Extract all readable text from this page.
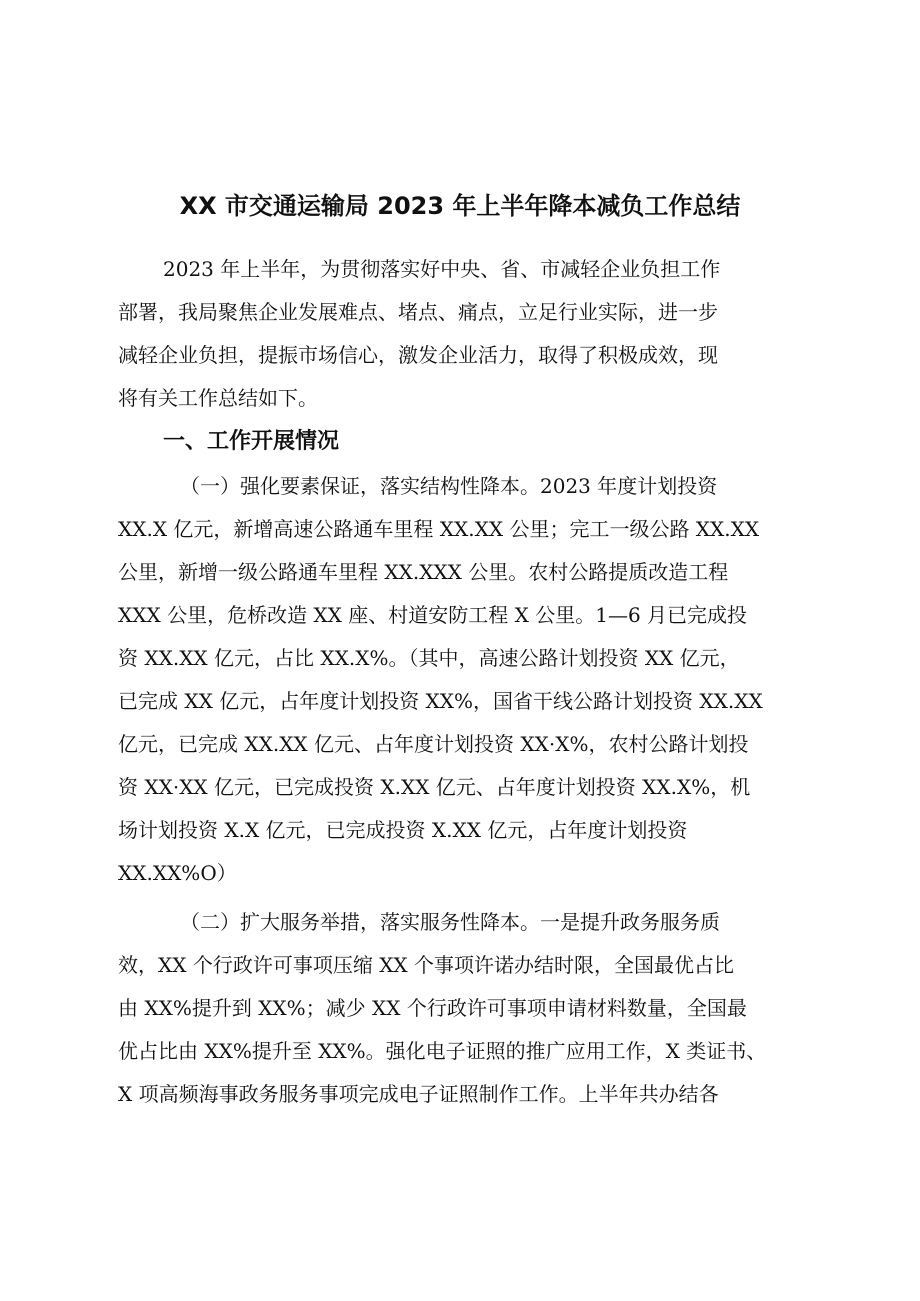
XX 市交通运输局 2023 年上半年降本减负工作总结
2023 年上半年，为贯彻落实好中央、省、市减轻企业负担工作
部署，我局聚焦企业发展难点、堵点、痛点，立足行业实际，进一步
减轻企业负担，提振市场信心，激发企业活力，取得了积极成效，现
将有关工作总结如下。
一、工作开展情况
（一）强化要素保证，落实结构性降本。2023 年度计划投资
XX.X 亿元，新增高速公路通车里程 XX.XX 公里；完工一级公路 XX.XX
公里，新增一级公路通车里程 XX.XXX 公里。农村公路提质改造工程
XXX 公里，危桥改造 XX 座、村道安防工程 X 公里。1—6 月已完成投
资 XX.XX 亿元，占比 XX.X%。（其中，高速公路计划投资 XX 亿元，
已完成 XX 亿元，占年度计划投资 XX%，国省干线公路计划投资 XX.XX
亿元，已完成 XX.XX 亿元、占年度计划投资 XX·X%，农村公路计划投
资 XX·XX 亿元，已完成投资 X.XX 亿元、占年度计划投资 XX.X%，机
场计划投资 X.X 亿元，已完成投资 X.XX 亿元，占年度计划投资
XX.XX%O）
（二）扩大服务举措，落实服务性降本。一是提升政务服务质
效，XX 个行政许可事项压缩 XX 个事项许诺办结时限，全国最优占比
由 XX%提升到 XX%；减少 XX 个行政许可事项申请材料数量，全国最
优占比由 XX%提升至 XX%。强化电子证照的推广应用工作，X 类证书、
X 项高频海事政务服务事项完成电子证照制作工作。上半年共办结各
